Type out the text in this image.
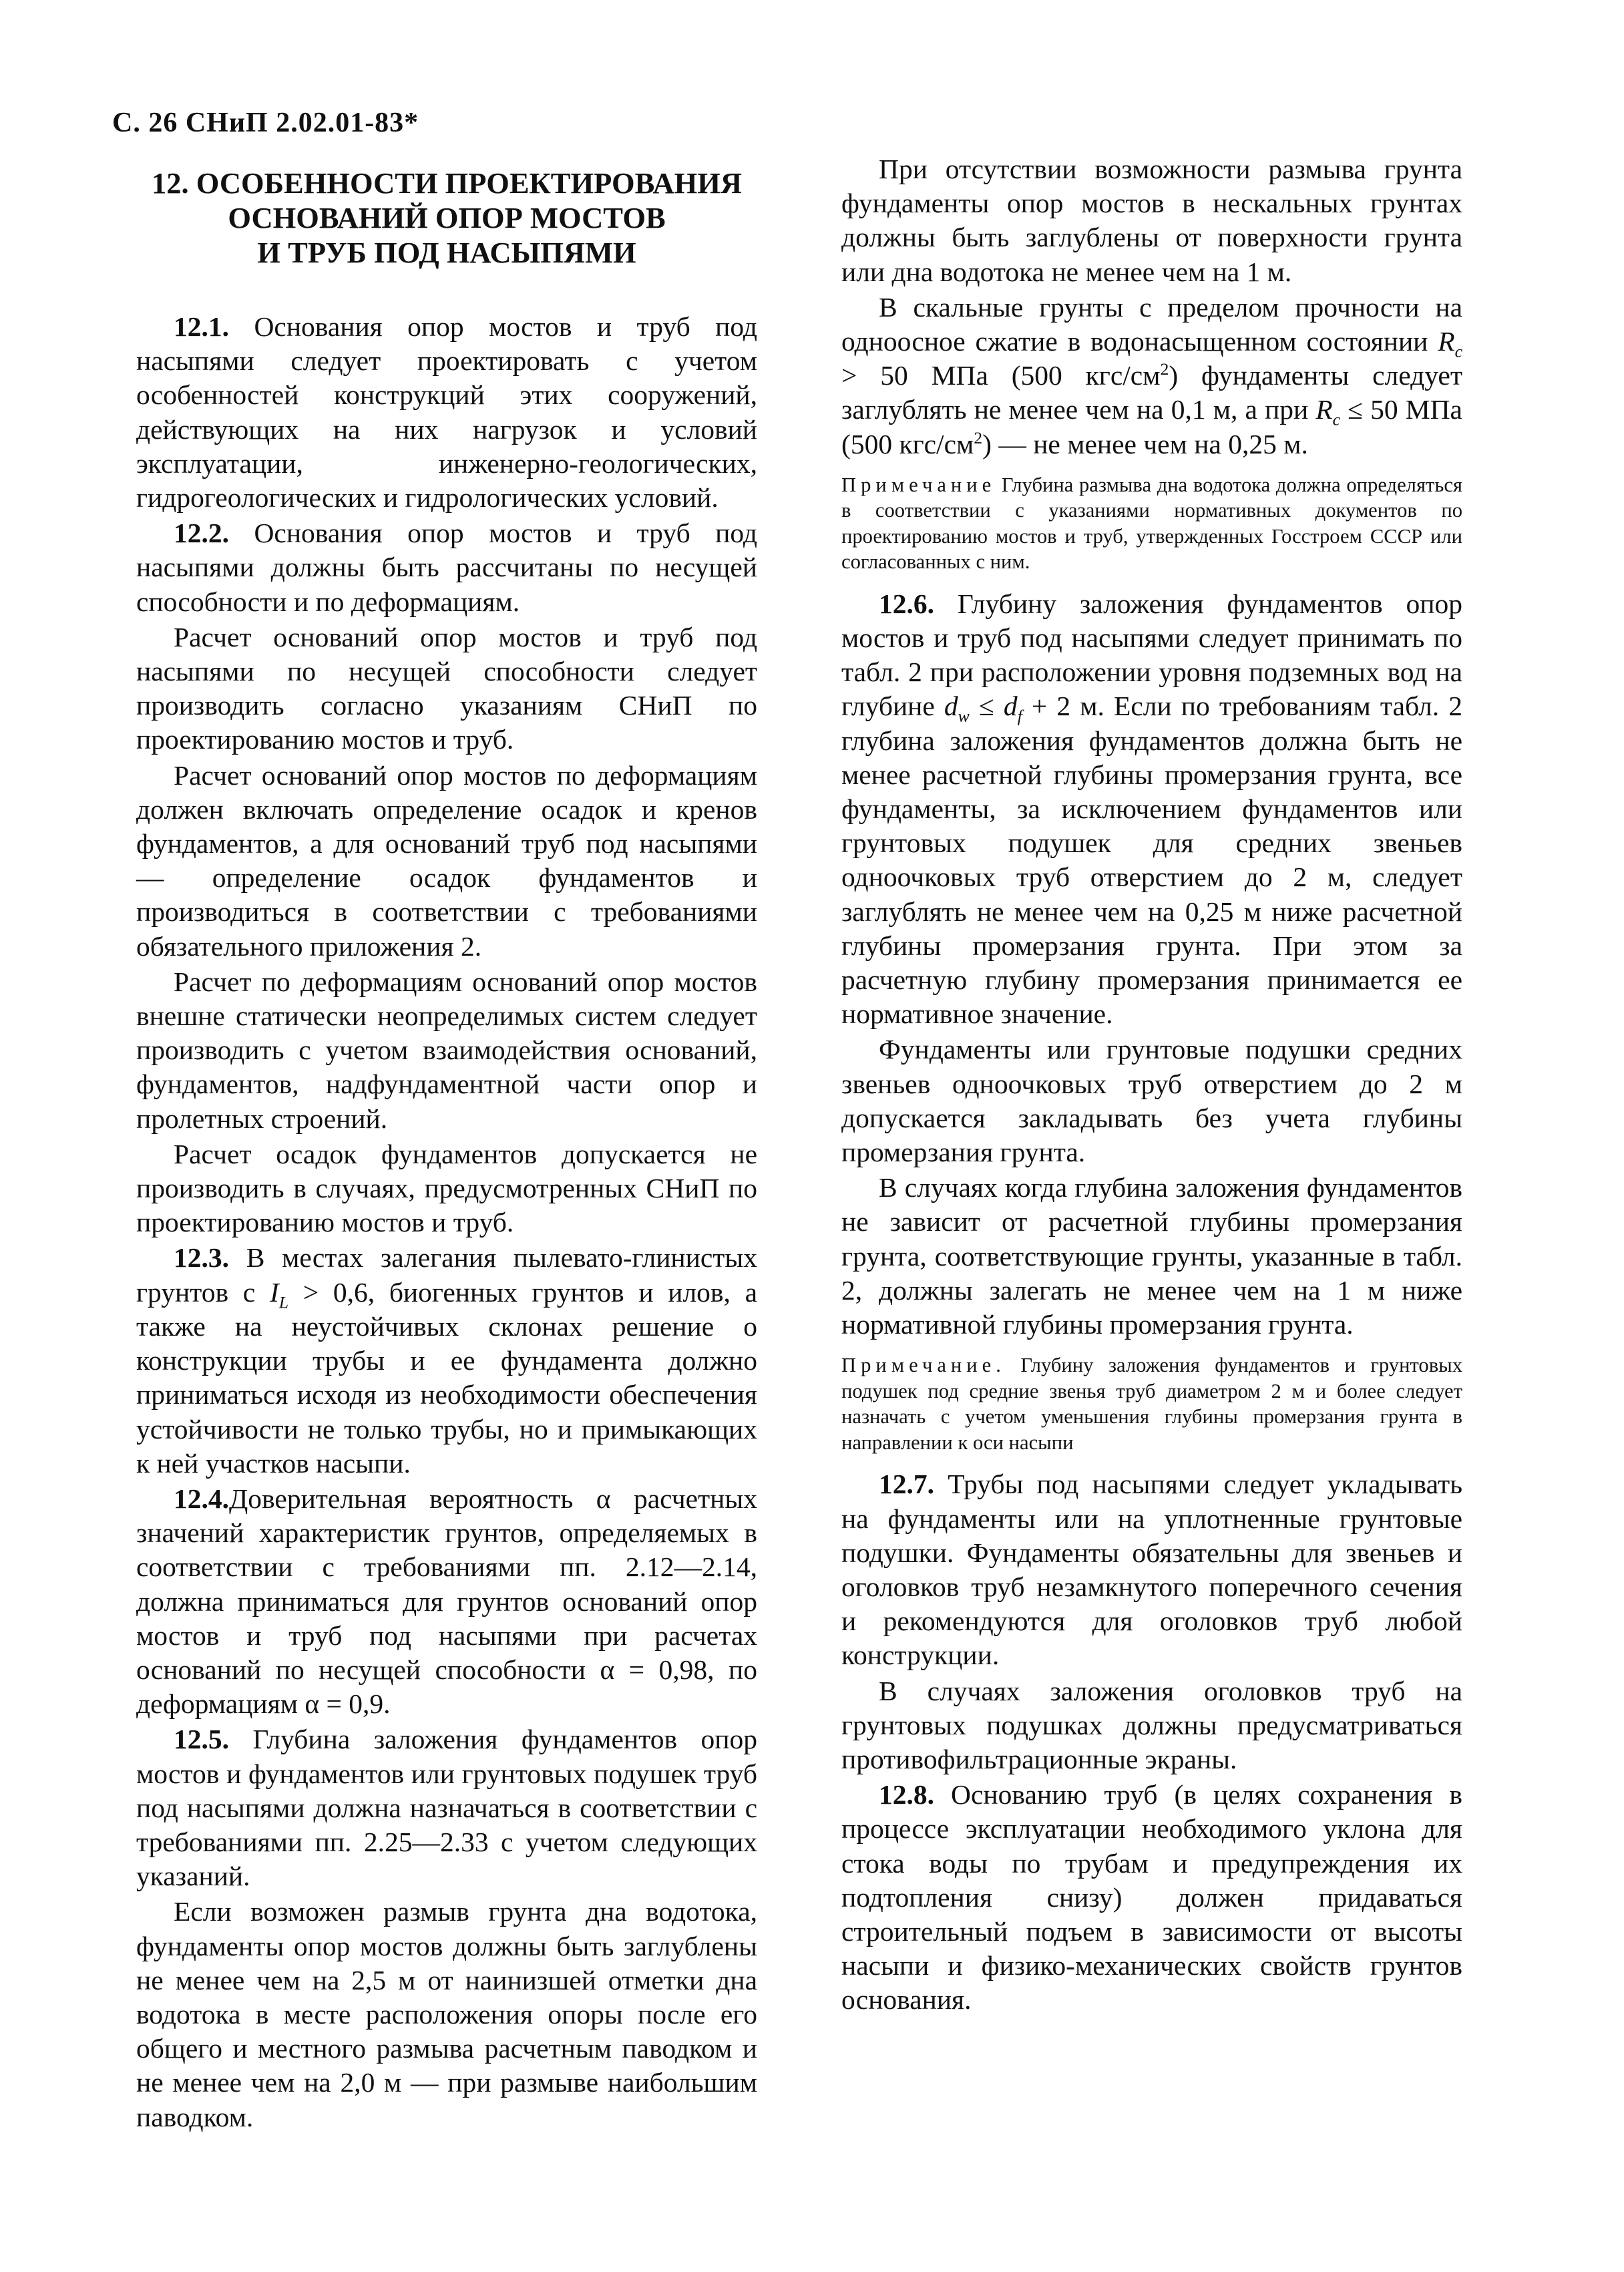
С. 26 СНиП 2.02.01-83*
12. ОСОБЕННОСТИ ПРОЕКТИРОВАНИЯ
ОСНОВАНИЙ ОПОР МОСТОВ
И ТРУБ ПОД НАСЫПЯМИ

12.1. Основания опор мостов и труб под насыпями следует проектировать с учетом особенностей конструкций этих сооружений, действующих на них нагрузок и условий эксплуатации, инженерно-геологических, гидрогеологических и гидрологических условий.

12.2. Основания опор мостов и труб под насыпями должны быть рассчитаны по несущей способности и по деформациям.

Расчет оснований опор мостов и труб под насыпями по несущей способности следует производить согласно указаниям СНиП по проектированию мостов и труб.

Расчет оснований опор мостов по деформациям должен включать определение осадок и кренов фундаментов, а для оснований труб под насыпями — определение осадок фундаментов и производиться в соответствии с требованиями обязательного приложения 2.

Расчет по деформациям оснований опор мостов внешне статически неопределимых систем следует производить с учетом взаимодействия оснований, фундаментов, надфундаментной части опор и пролетных строений.

Расчет осадок фундаментов допускается не производить в случаях, предусмотренных СНиП по проектированию мостов и труб.

12.3. В местах залегания пылевато-глинистых грунтов с $I_L > 0,6$, биогенных грунтов и илов, а также на неустойчивых склонах решение о конструкции трубы и ее фундамента должно приниматься исходя из необходимости обеспечения устойчивости не только трубы, но и примыкающих к ней участков насыпи.

12.4.Доверительная вероятность α расчетных значений характеристик грунтов, определяемых в соответствии с требованиями пп. 2.12—2.14, должна приниматься для грунтов оснований опор мостов и труб под насыпями при расчетах оснований по несущей способности α = 0,98, по деформациям α = 0,9.

12.5. Глубина заложения фундаментов опор мостов и фундаментов или грунтовых подушек труб под насыпями должна назначаться в соответствии с требованиями пп. 2.25—2.33 с учетом следующих указаний.

Если возможен размыв грунта дна водотока, фундаменты опор мостов должны быть заглублены не менее чем на 2,5 м от наинизшей отметки дна водотока в месте расположения опоры после его общего и местного размыва расчетным паводком и не менее чем на 2,0 м — при размыве наибольшим паводком.

При отсутствии возможности размыва грунта фундаменты опор мостов в нескальных грунтах должны быть заглублены от поверхности грунта или дна водотока не менее чем на 1 м.

В скальные грунты с пределом прочности на одноосное сжатие в водонасыщенном состоянии $R_c > 50$ МПа (500 кгс/$см^2$) фундаменты следует заглублять не менее чем на 0,1 м, а при $R_c \le 50$ МПа (500 кгс/$см^2$) — не менее чем на 0,25 м.

Примечание Глубина размыва дна водотока должна определяться в соответствии с указаниями нормативных документов по проектированию мостов и труб, утвержденных Госстроем СССР или согласованных с ним.

12.6. Глубину заложения фундаментов опор мостов и труб под насыпями следует принимать по табл. 2 при расположении уровня подземных вод на глубине $d_w \le d_f + 2$ м. Если по требованиям табл. 2 глубина заложения фундаментов должна быть не менее расчетной глубины промерзания грунта, все фундаменты, за исключением фундаментов или грунтовых подушек для средних звеньев одноочковых труб отверстием до 2 м, следует заглублять не менее чем на 0,25 м ниже расчетной глубины промерзания грунта. При этом за расчетную глубину промерзания принимается ее нормативное значение.

Фундаменты или грунтовые подушки средних звеньев одноочковых труб отверстием до 2 м допускается закладывать без учета глубины промерзания грунта.

В случаях когда глубина заложения фундаментов не зависит от расчетной глубины промерзания грунта, соответствующие грунты, указанные в табл. 2, должны залегать не менее чем на 1 м ниже нормативной глубины промерзания грунта.

Примечание. Глубину заложения фундаментов и грунтовых подушек под средние звенья труб диаметром 2 м и более следует назначать с учетом уменьшения глубины промерзания грунта в направлении к оси насыпи

12.7. Трубы под насыпями следует укладывать на фундаменты или на уплотненные грунтовые подушки. Фундаменты обязательны для звеньев и оголовков труб незамкнутого поперечного сечения и рекомендуются для оголовков труб любой конструкции.

В случаях заложения оголовков труб на грунтовых подушках должны предусматриваться противофильтрационные экраны.

12.8. Основанию труб (в целях сохранения в процессе эксплуатации необходимого уклона для стока воды по трубам и предупреждения их подтопления снизу) должен придаваться строительный подъем в зависимости от высоты насыпи и физико-механических свойств грунтов основания.
